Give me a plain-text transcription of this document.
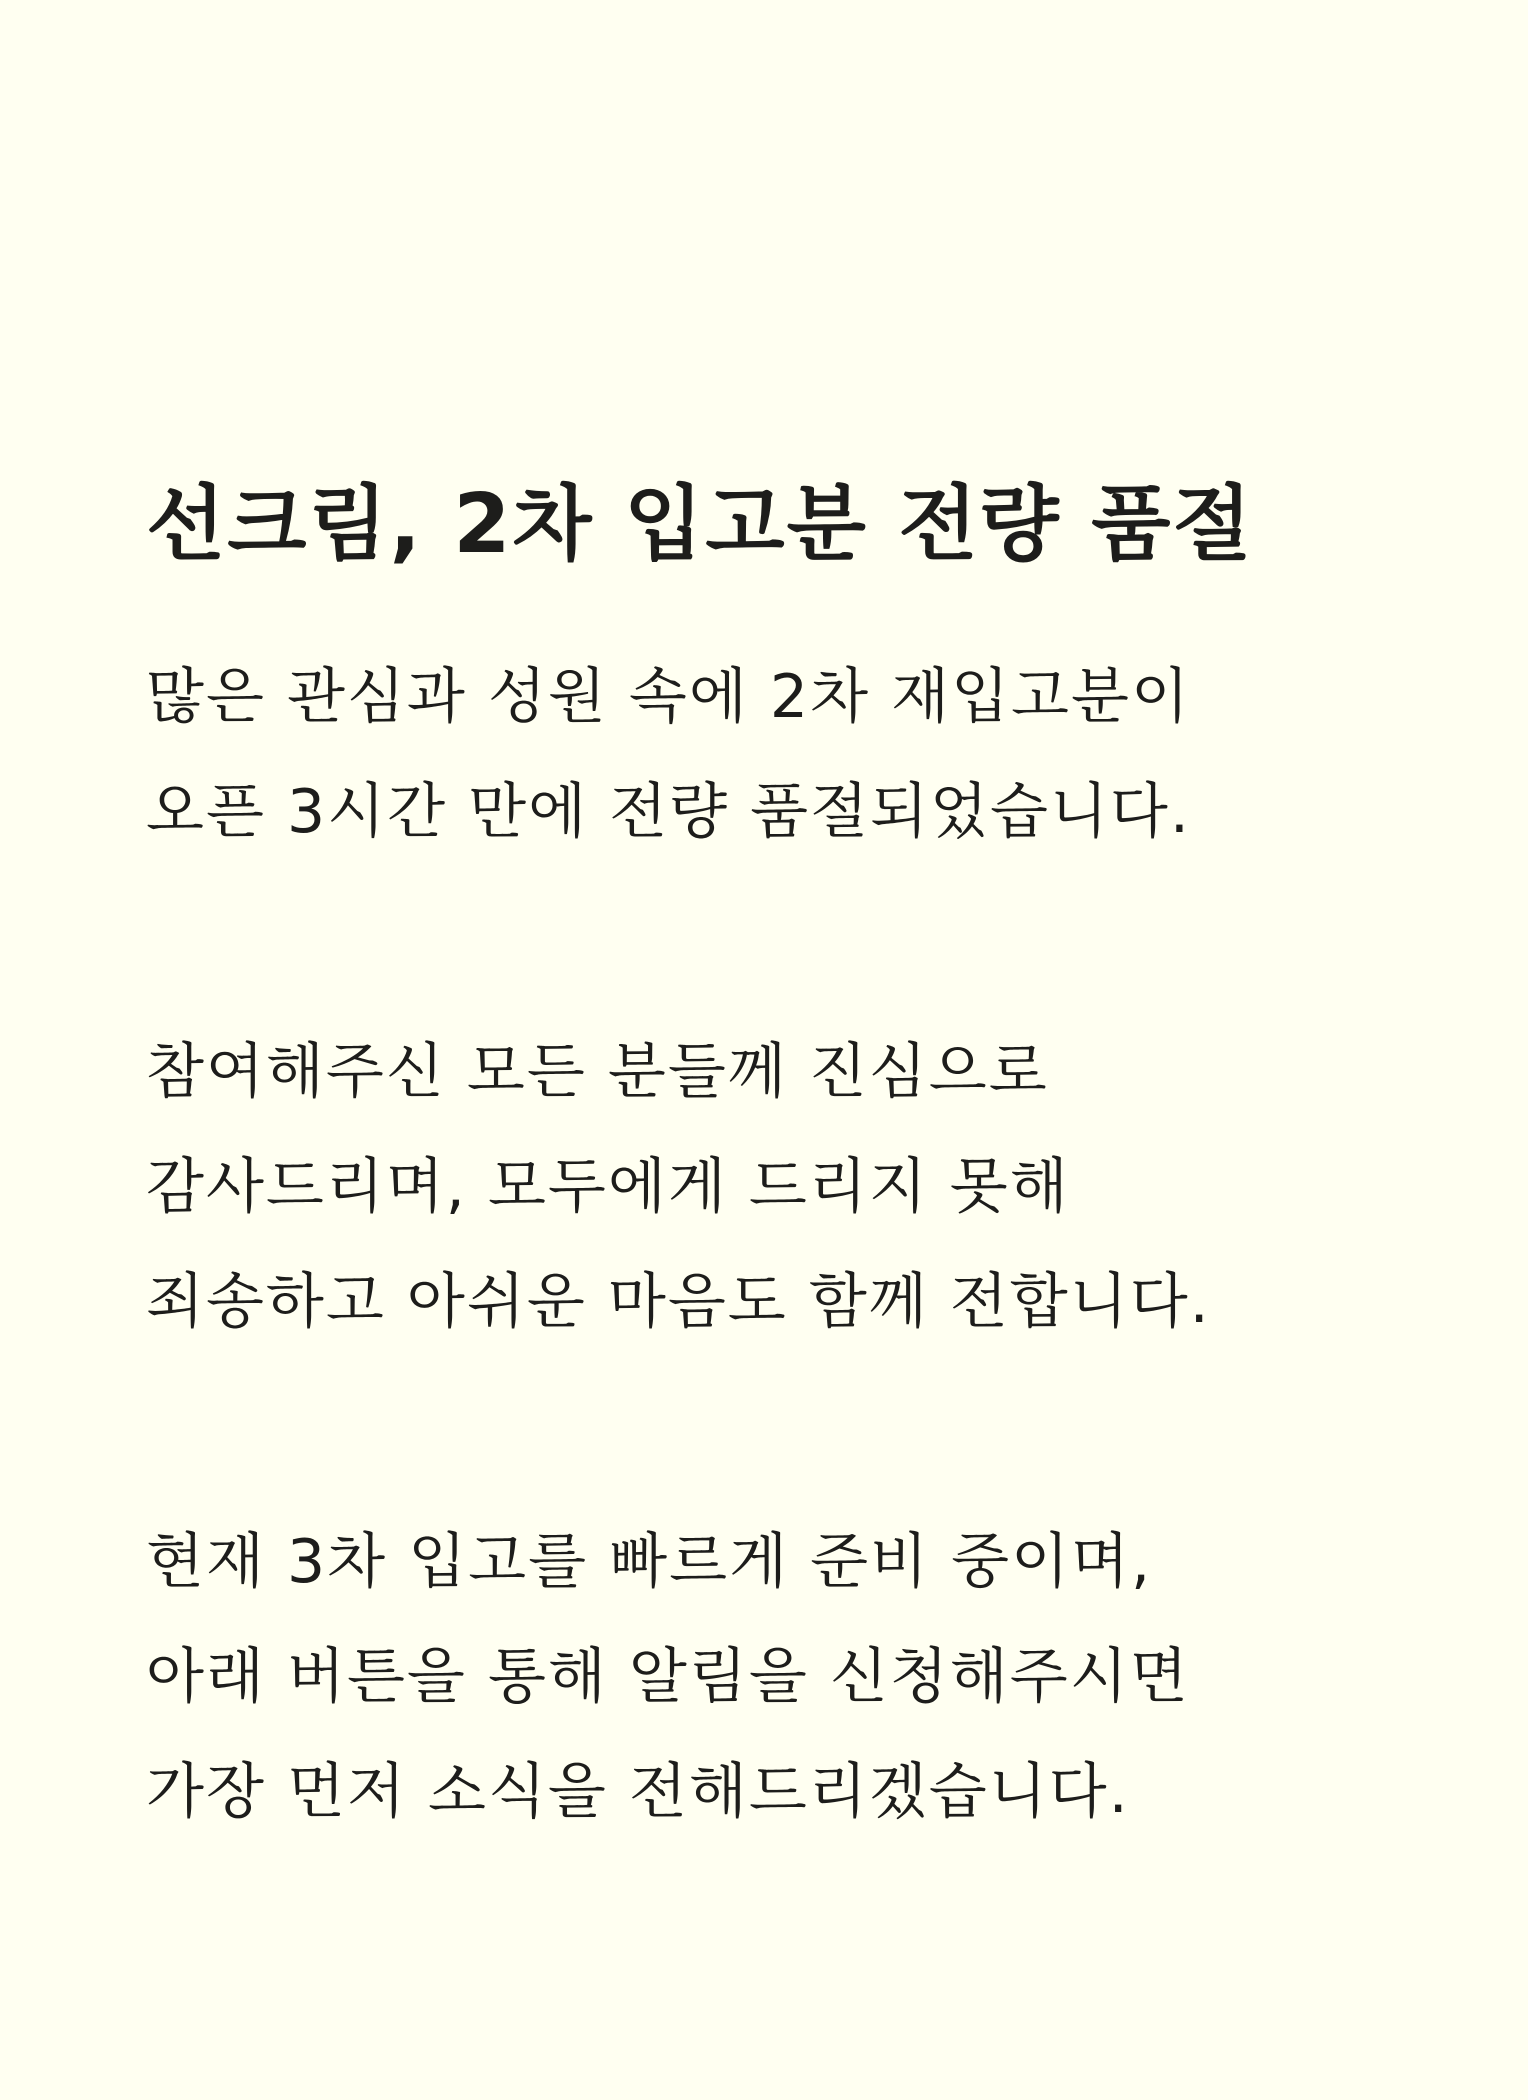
선크림, 2차 입고분 전량 품절

많은 관심과 성원 속에 2차 재입고분이
오픈 3시간 만에 전량 품절되었습니다.

참여해주신 모든 분들께 진심으로
감사드리며, 모두에게 드리지 못해
죄송하고 아쉬운 마음도 함께 전합니다.

현재 3차 입고를 빠르게 준비 중이며,
아래 버튼을 통해 알림을 신청해주시면
가장 먼저 소식을 전해드리겠습니다.
